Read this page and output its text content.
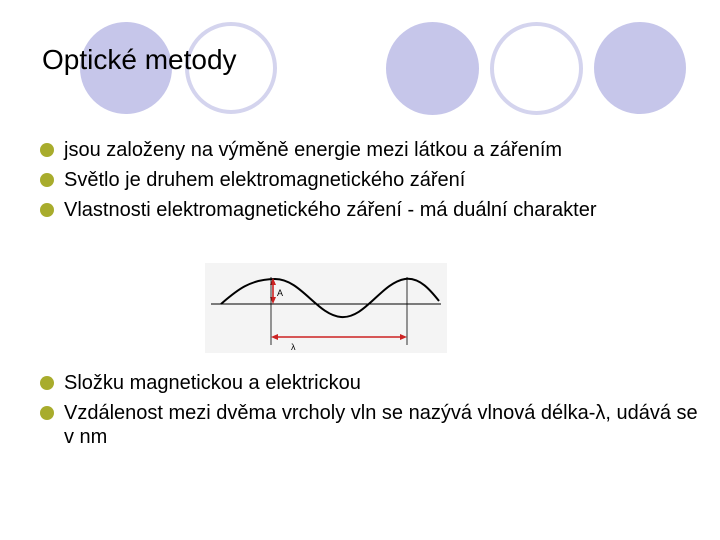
Optické metody
jsou založeny na výměně energie mezi látkou a zářením
Světlo je druhem elektromagnetického záření
Vlastnosti elektromagnetického záření - má duální charakter
A
λ
Složku magnetickou a elektrickou
Vzdálenost mezi dvěma vrcholy vln se nazývá vlnová délka-λ, udává se v nm
